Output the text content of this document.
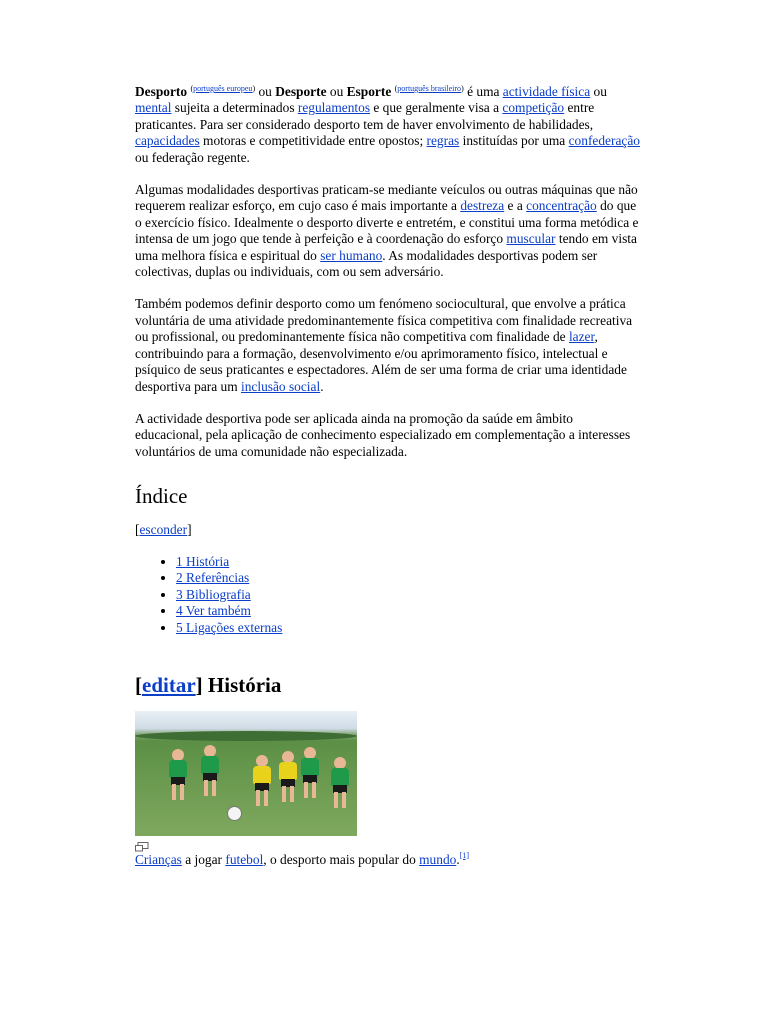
Desporto $^{(português europeu)}$ ou Desporte ou Esporte $^{(português brasileiro)}$ é uma actividade física ou mental sujeita a determinados regulamentos e que geralmente visa a competição entre praticantes. Para ser considerado desporto tem de haver envolvimento de habilidades, capacidades motoras e competitividade entre opostos; regras instituídas por uma confederação ou federação regente.

Algumas modalidades desportivas praticam-se mediante veículos ou outras máquinas que não requerem realizar esforço, em cujo caso é mais importante a destreza e a concentração do que o exercício físico. Idealmente o desporto diverte e entretém, e constitui uma forma metódica e intensa de um jogo que tende à perfeição e à coordenação do esforço muscular tendo em vista uma melhora física e espiritual do ser humano. As modalidades desportivas podem ser colectivas, duplas ou individuais, com ou sem adversário.

Também podemos definir desporto como um fenómeno sociocultural, que envolve a prática voluntária de uma atividade predominantemente física competitiva com finalidade recreativa ou profissional, ou predominantemente física não competitiva com finalidade de lazer, contribuindo para a formação, desenvolvimento e/ou aprimoramento físico, intelectual e psíquico de seus praticantes e espectadores. Além de ser uma forma de criar uma identidade desportiva para um inclusão social.

A actividade desportiva pode ser aplicada ainda na promoção da saúde em âmbito educacional, pela aplicação de conhecimento especializado em complementação a interesses voluntários de uma comunidade não especializada.

Índice
[esconder]
• 1 História
• 2 Referências
• 3 Bibliografia
• 4 Ver também
• 5 Ligações externas
[editar] História
Crianças a jogar futebol, o desporto mais popular do mundo.[1]
